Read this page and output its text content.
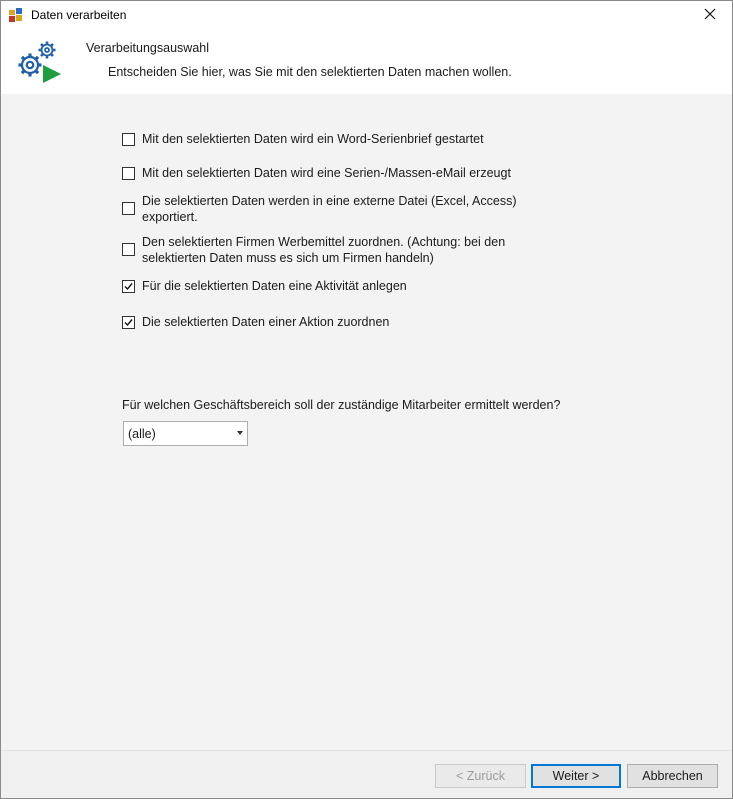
Daten verarbeiten
Verarbeitungsauswahl
Entscheiden Sie hier, was Sie mit den selektierten Daten machen wollen.
Mit den selektierten Daten wird ein Word-Serienbrief gestartet
Mit den selektierten Daten wird eine Serien-/Massen-eMail erzeugt
Die selektierten Daten werden in eine externe Datei (Excel, Access)
exportiert.
Den selektierten Firmen Werbemittel zuordnen. (Achtung: bei den
selektierten Daten muss es sich um Firmen handeln)
Für die selektierten Daten eine Aktivität anlegen
Die selektierten Daten einer Aktion zuordnen
Für welchen Geschäftsbereich soll der zuständige Mitarbeiter ermittelt werden?
(alle)
< Zurück	Weiter >	Abbrechen
